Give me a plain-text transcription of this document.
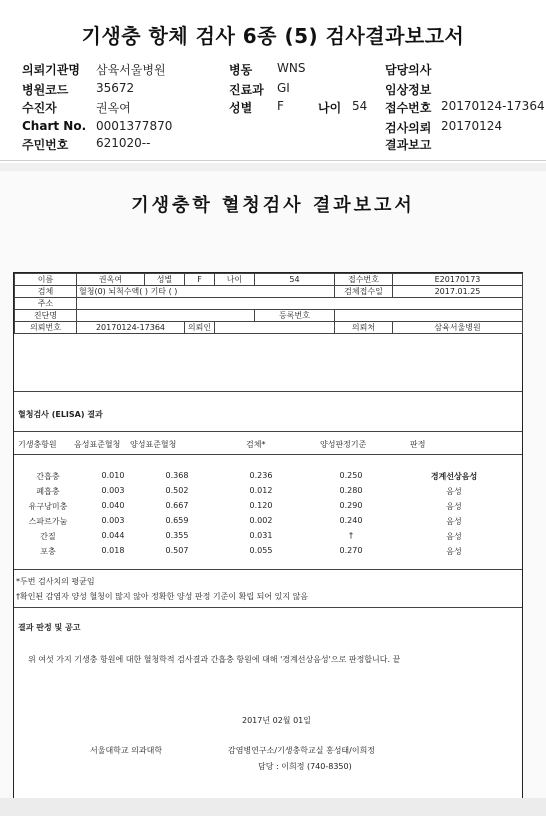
기생충 항체 검사 6종 (5) 검사결과보고서
의뢰기관명 삼육서울병원	병동 WNS	담당의사
병원코드 35672	진료과 GI	임상정보
수진자	권옥여	성별 F	나이 54 접수번호 20170124-17364
Chart No. 0001377870	검사의뢰 20170124
주민번호 621020--	결과보고
기생충학 혈청검사 결과보고서
이름	권옥여	성별	F	나이	54	접수번호	E20170173
검체	혈청(0) 뇌척수액( ) 기타 ( )					검체접수일	2017.01.25
주소							
진단명					등록번호		
의뢰번호	20170124-17364		의뢰인			의뢰처	삼육서울병원
혈청검사 (ELISA) 결과
기생충항원 음성표준혈청 양성표준혈청	검체*	양성판정기준	판정
간흡충	0.010	0.368	0.236	0.250	경계선상음성
폐흡충	0.003	0.502	0.012	0.280	음성
유구낭미충	0.040	0.667	0.120	0.290	음성
스파르가눔	0.003	0.659	0.002	0.240	음성
간질	0.044	0.355	0.031	†	음성
포충	0.018	0.507	0.055	0.270	음성
*두번 검사치의 평균임
†확인된 감염자 양성 혈청이 많지 않아 정확한 양성 판정 기준이 확립 되어 있지 않음
결과 판정 및 공고
위 여섯 가지 기생충 항원에 대한 혈청학적 검사결과 간흡충 항원에 대해 '경계선상음성'으로 판정합니다. 끝
2017년 02월 01일
서울대학교 의과대학	감염병연구소/기생충학교실 홍성태/이희정
담당 : 이희정 (740-8350)
